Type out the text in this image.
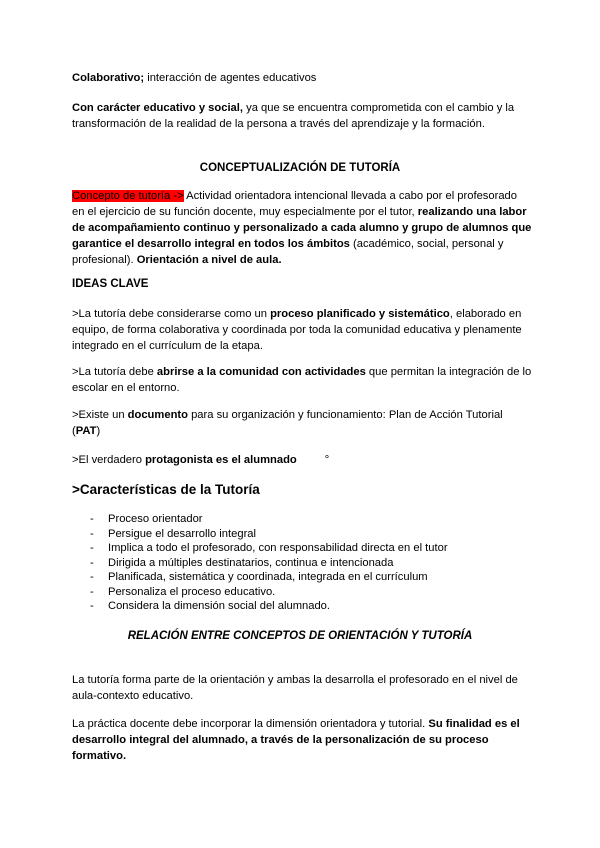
Colaborativo; interacción de agentes educativos

Con carácter educativo y social, ya que se encuentra comprometida con el cambio y la transformación de la realidad de la persona a través del aprendizaje y la formación.

CONCEPTUALIZACIÓN DE TUTORÍA

Concepto de tutoría -> Actividad orientadora intencional llevada a cabo por el profesorado en el ejercicio de su función docente, muy especialmente por el tutor, realizando una labor de acompañamiento continuo y personalizado a cada alumno y grupo de alumnos que garantice el desarrollo integral en todos los ámbitos (académico, social, personal y profesional). Orientación a nivel de aula.

IDEAS CLAVE

>La tutoría debe considerarse como un proceso planificado y sistemático, elaborado en equipo, de forma colaborativa y coordinada por toda la comunidad educativa y plenamente integrado en el currículum de la etapa.

>La tutoría debe abrirse a la comunidad con actividades que permitan la integración de lo escolar en el entorno.

>Existe un documento para su organización y funcionamiento: Plan de Acción Tutorial (PAT)

>El verdadero protagonista es el alumnado	°

>Características de la Tutoría

- Proceso orientador
- Persigue el desarrollo integral
- Implica a todo el profesorado, con responsabilidad directa en el tutor
- Dirigida a múltiples destinatarios, continua e intencionada
- Planificada, sistemática y coordinada, integrada en el currículum
- Personaliza el proceso educativo.
- Considera la dimensión social del alumnado.

RELACIÓN ENTRE CONCEPTOS DE ORIENTACIÓN Y TUTORÍA

La tutoría forma parte de la orientación y ambas la desarrolla el profesorado en el nivel de aula-contexto educativo.

La práctica docente debe incorporar la dimensión orientadora y tutorial. Su finalidad es el desarrollo integral del alumnado, a través de la personalización de su proceso formativo.
